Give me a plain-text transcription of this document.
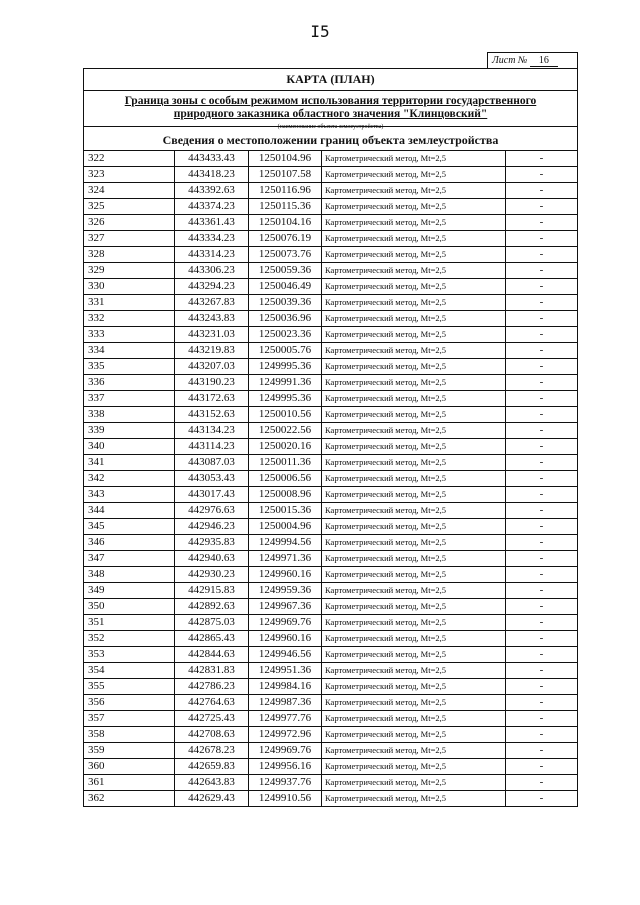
I5
Лист № 16
КАРТА (ПЛАН)
Граница зоны с особым режимом использования территории государственного
природного заказника областного значения "Клинцовский"
(наименование объекта землеустройства)
Сведения о местоположении границ объекта землеустройства
322	443433.43	1250104.96	Картометрический метод, Mt=2,5	-
323	443418.23	1250107.58	Картометрический метод, Mt=2,5	-
324	443392.63	1250116.96	Картометрический метод, Mt=2,5	-
325	443374.23	1250115.36	Картометрический метод, Mt=2,5	-
326	443361.43	1250104.16	Картометрический метод, Mt=2,5	-
327	443334.23	1250076.19	Картометрический метод, Mt=2,5	-
328	443314.23	1250073.76	Картометрический метод, Mt=2,5	-
329	443306.23	1250059.36	Картометрический метод, Mt=2,5	-
330	443294.23	1250046.49	Картометрический метод, Mt=2,5	-
331	443267.83	1250039.36	Картометрический метод, Mt=2,5	-
332	443243.83	1250036.96	Картометрический метод, Mt=2,5	-
333	443231.03	1250023.36	Картометрический метод, Mt=2,5	-
334	443219.83	1250005.76	Картометрический метод, Mt=2,5	-
335	443207.03	1249995.36	Картометрический метод, Mt=2,5	-
336	443190.23	1249991.36	Картометрический метод, Mt=2,5	-
337	443172.63	1249995.36	Картометрический метод, Mt=2,5	-
338	443152.63	1250010.56	Картометрический метод, Mt=2,5	-
339	443134.23	1250022.56	Картометрический метод, Mt=2,5	-
340	443114.23	1250020.16	Картометрический метод, Mt=2,5	-
341	443087.03	1250011.36	Картометрический метод, Mt=2,5	-
342	443053.43	1250006.56	Картометрический метод, Mt=2,5	-
343	443017.43	1250008.96	Картометрический метод, Mt=2,5	-
344	442976.63	1250015.36	Картометрический метод, Mt=2,5	-
345	442946.23	1250004.96	Картометрический метод, Mt=2,5	-
346	442935.83	1249994.56	Картометрический метод, Mt=2,5	-
347	442940.63	1249971.36	Картометрический метод, Mt=2,5	-
348	442930.23	1249960.16	Картометрический метод, Mt=2,5	-
349	442915.83	1249959.36	Картометрический метод, Mt=2,5	-
350	442892.63	1249967.36	Картометрический метод, Mt=2,5	-
351	442875.03	1249969.76	Картометрический метод, Mt=2,5	-
352	442865.43	1249960.16	Картометрический метод, Mt=2,5	-
353	442844.63	1249946.56	Картометрический метод, Mt=2,5	-
354	442831.83	1249951.36	Картометрический метод, Mt=2,5	-
355	442786.23	1249984.16	Картометрический метод, Mt=2,5	-
356	442764.63	1249987.36	Картометрический метод, Mt=2,5	-
357	442725.43	1249977.76	Картометрический метод, Mt=2,5	-
358	442708.63	1249972.96	Картометрический метод, Mt=2,5	-
359	442678.23	1249969.76	Картометрический метод, Mt=2,5	-
360	442659.83	1249956.16	Картометрический метод, Mt=2,5	-
361	442643.83	1249937.76	Картометрический метод, Mt=2,5	-
362	442629.43	1249910.56	Картометрический метод, Mt=2,5	-
